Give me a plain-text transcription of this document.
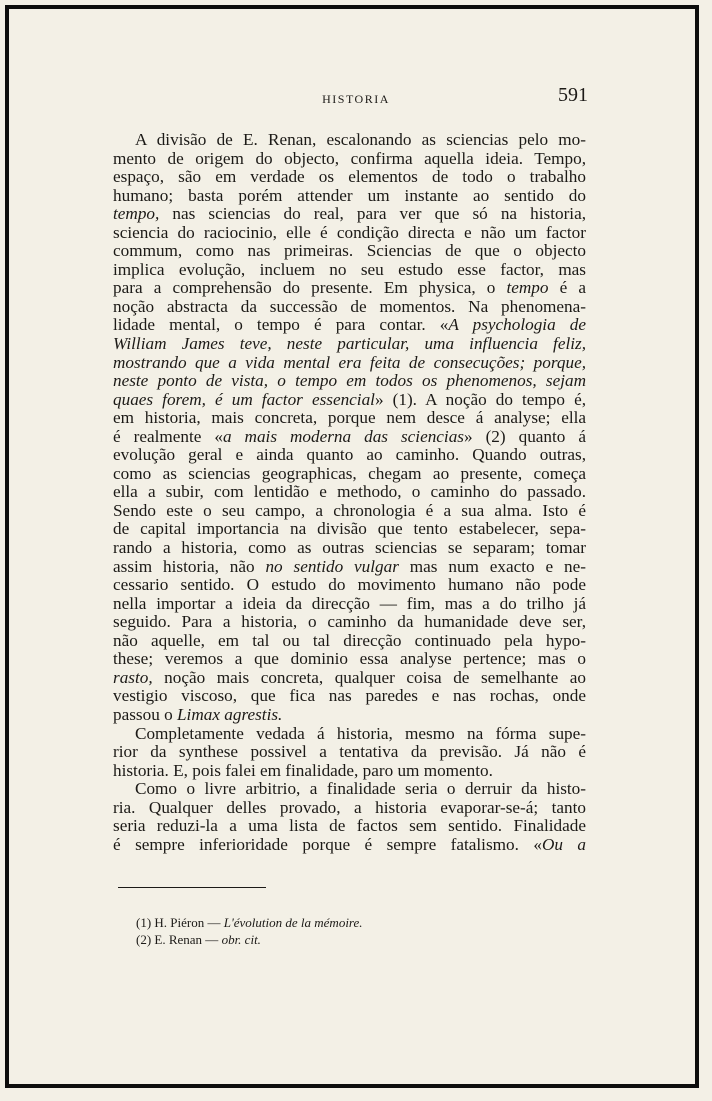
HISTORIA	591
A divisão de E. Renan, escalonando as sciencias pelo mo-
mento de origem do objecto, confirma aquella ideia. Tempo,
espaço, são em verdade os elementos de todo o trabalho
humano; basta porém attender um instante ao sentido do
tempo, nas sciencias do real, para ver que só na historia,
sciencia do raciocinio, elle é condição directa e não um factor
commum, como nas primeiras. Sciencias de que o objecto
implica evolução, incluem no seu estudo esse factor, mas
para a comprehensão do presente. Em physica, o tempo é a
noção abstracta da successão de momentos. Na phenomena-
lidade mental, o tempo é para contar. «A psychologia de
William James teve, neste particular, uma influencia feliz,
mostrando que a vida mental era feita de consecuções; porque,
neste ponto de vista, o tempo em todos os phenomenos, sejam
quaes forem, é um factor essencial» (1). A noção do tempo é,
em historia, mais concreta, porque nem desce á analyse; ella
é realmente «a mais moderna das sciencias» (2) quanto á
evolução geral e ainda quanto ao caminho. Quando outras,
como as sciencias geographicas, chegam ao presente, começa
ella a subir, com lentidão e methodo, o caminho do passado.
Sendo este o seu campo, a chronologia é a sua alma. Isto é
de capital importancia na divisão que tento estabelecer, sepa-
rando a historia, como as outras sciencias se separam; tomar
assim historia, não no sentido vulgar mas num exacto e ne-
cessario sentido. O estudo do movimento humano não pode
nella importar a ideia da direcção — fim, mas a do trilho já
seguido. Para a historia, o caminho da humanidade deve ser,
não aquelle, em tal ou tal direcção continuado pela hypo-
these; veremos a que dominio essa analyse pertence; mas o
rasto, noção mais concreta, qualquer coisa de semelhante ao
vestigio viscoso, que fica nas paredes e nas rochas, onde
passou o Limax agrestis.
Completamente vedada á historia, mesmo na fórma supe-
rior da synthese possivel a tentativa da previsão. Já não é
historia. E, pois falei em finalidade, paro um momento.
Como o livre arbitrio, a finalidade seria o derruir da histo-
ria. Qualquer delles provado, a historia evaporar-se-á; tanto
seria reduzi-la a uma lista de factos sem sentido. Finalidade
é sempre inferioridade porque é sempre fatalismo. «Ou a
(1) H. Piéron — L'évolution de la mémoire.
(2) E. Renan — obr. cit.
